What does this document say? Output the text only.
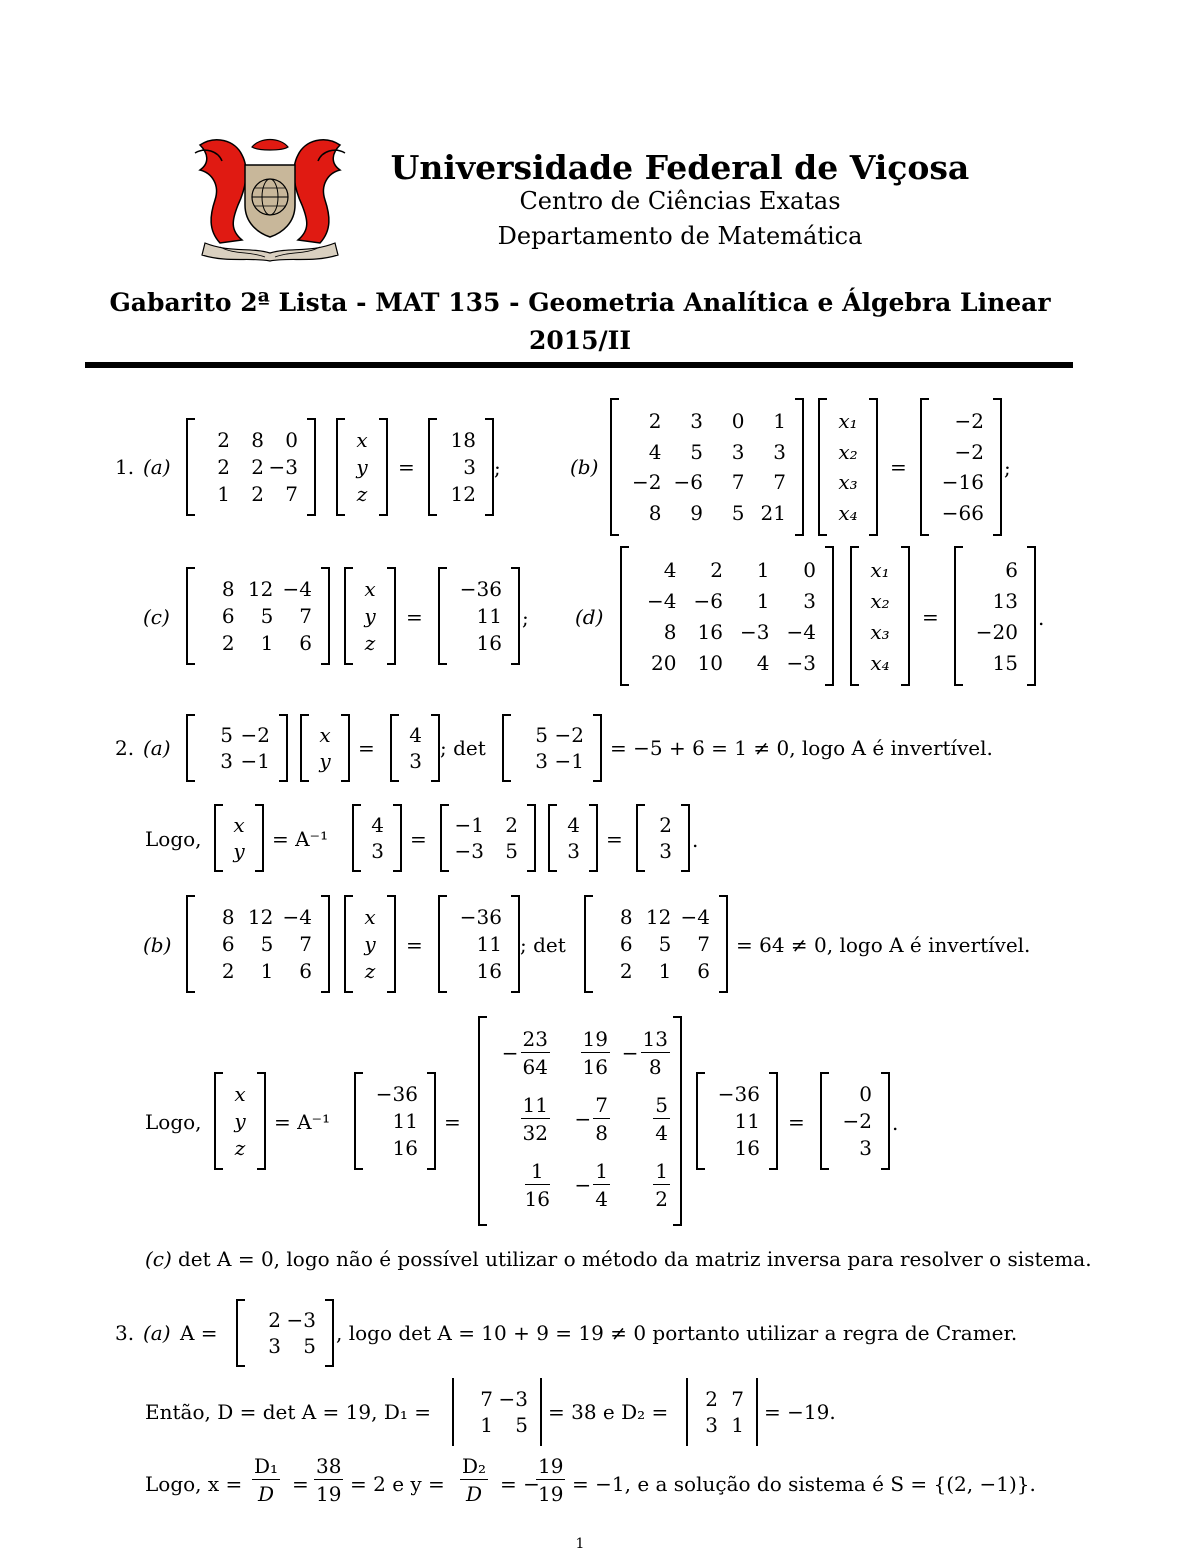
Universidade Federal de Viçosa
Centro de Ciências Exatas
Departamento de Matemática
Gabarito 2ª Lista - MAT 135 - Geometria Analítica e Álgebra Linear
2015/II
1. (a)
2	8	0
2	2 −3
1	2	7
x
y
z
=
18
3
12
;	(b)
2	3	0	1
4	5	3	3
−2 −6	7	7
8	9	5 21
x₁
x₂
x₃
x₄
=
−2
−2
−16
−66
;
(c)
8 12 −4
6	5	7
2	1	6
x
y
z
=
−36
11
16
; (d)
4	2	1	0
−4 −6	1	3
8	16 −3 −4
20	10	4 −3
x₁
x₂
x₃
x₄
=
6
13
−20
15
.
2. (a)
5 −2
3 −1
x
y
=
4
3
; det
5 −2
3 −1
= −5 + 6 = 1 ≠ 0, logo A é invertível.
Logo,
x
y = A⁻¹
4
3 =
−1	2
−3	5
4
3 =
2
3 .
(b)
8 12 −4
6	5	7
2	1	6
x
y
z
=
−36
11
16
; det
8 12 −4
6	5	7
2	1	6
= 64 ≠ 0, logo A é invertível.
Logo,
x
y
z
= A⁻¹
−36
11
16
=
− $\frac{23}{64} \frac{19}{16} - \frac{13}{8}$
$\frac{11}{32} - \frac{7}{8} \frac{5}{4}$
$\frac{1}{16} - \frac{1}{4} \frac{1}{2}$
−36
11
16
=
0
−2
3
.
(c) det A = 0, logo não é possível utilizar o método da matriz inversa para resolver o sistema.
3. (a) A =
2 −3
3	5
, logo det A = 10 + 9 = 19 ≠ 0 portanto utilizar a regra de Cramer.
Então, D = det A = 19, D₁ =
7 −3
1	5
= 38 e D₂ =
2 7
3 1
= −19.
Logo, $x = \frac{\text{D₁}}{D} = \frac{38}{19} = 2$ e $y = \frac{\text{D₂}}{D}$ = −
$\frac{19}{19} = -1$, e a solução do sistema é S = {(2, −1)}.
1
